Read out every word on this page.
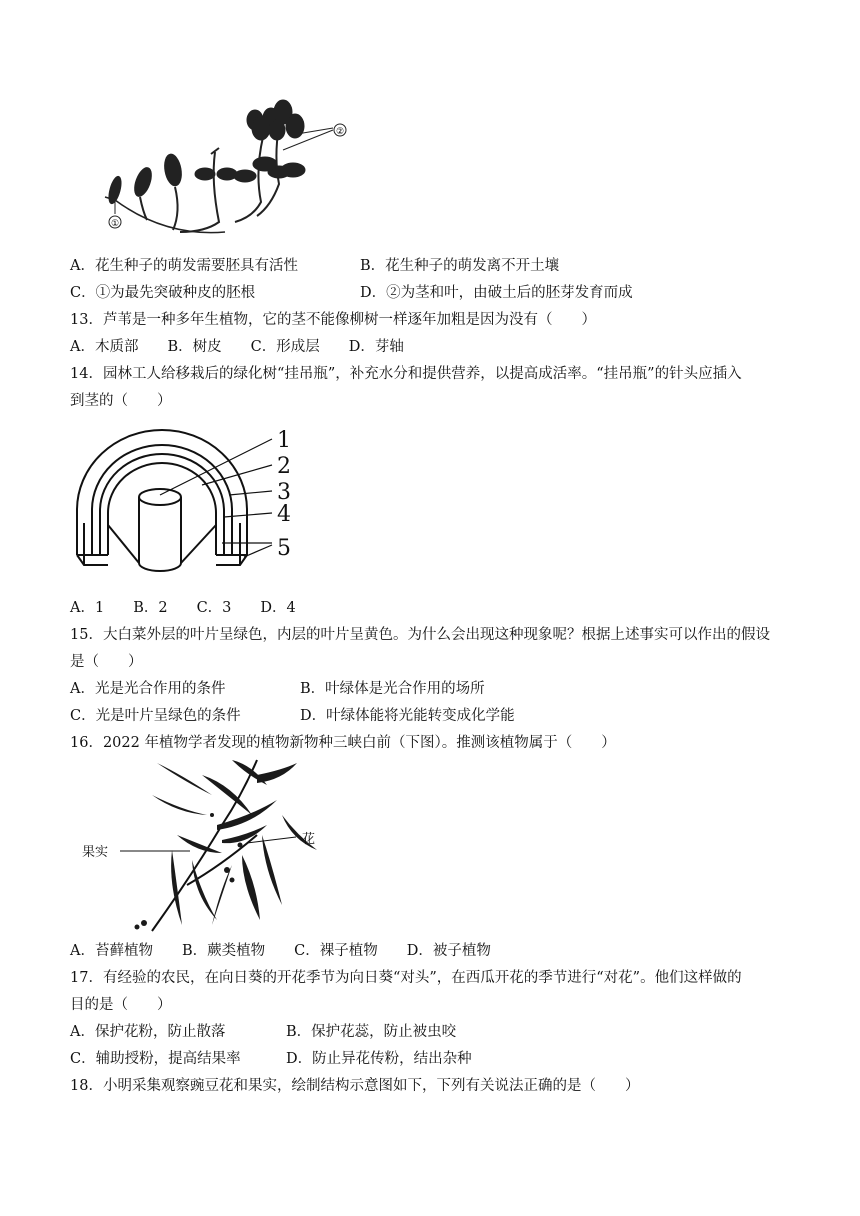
①
②
A．花生种子的萌发需要胚具有活性	B．花生种子的萌发离不开土壤
C．①为最先突破种皮的胚根	D．②为茎和叶，由破土后的胚芽发育而成
13．芦苇是一种多年生植物，它的茎不能像柳树一样逐年加粗是因为没有（　　）
A．木质部　　B．树皮　　C．形成层　　D．芽轴
14．园林工人给移栽后的绿化树“挂吊瓶”，补充水分和提供营养，以提高成活率。“挂吊瓶”的针头应插入
到茎的（　　）
1
2
3
4
5
A．1　　B．2　　C．3　　D．4
15．大白菜外层的叶片呈绿色，内层的叶片呈黄色。为什么会出现这种现象呢？根据上述事实可以作出的假设
是（　　）
A．光是光合作用的条件	B．叶绿体是光合作用的场所
C．光是叶片呈绿色的条件	D．叶绿体能将光能转变成化学能
16．2022 年植物学者发现的植物新物种三峡白前（下图）。推测该植物属于（　　）
果实
花
A．苔藓植物　　B．蕨类植物　　C．裸子植物　　D．被子植物
17．有经验的农民，在向日葵的开花季节为向日葵“对头”，在西瓜开花的季节进行“对花”。他们这样做的
目的是（　　）
A．保护花粉，防止散落	B．保护花蕊，防止被虫咬
C．辅助授粉，提高结果率	D．防止异花传粉，结出杂种
18．小明采集观察豌豆花和果实，绘制结构示意图如下，下列有关说法正确的是（　　）
